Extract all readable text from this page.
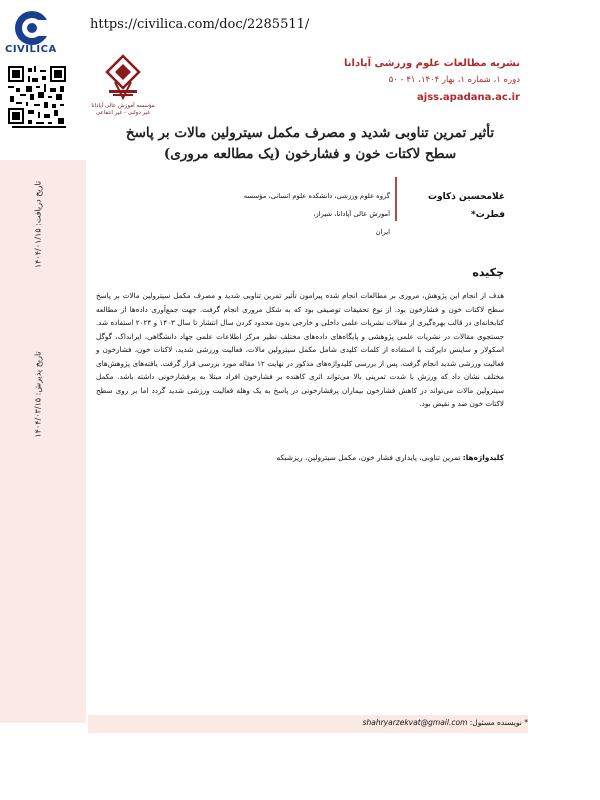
CIVILICA
https://civilica.com/doc/2285511/
نشریه مطالعات علوم ورزشی آپادانا
دوره ۱، شماره ۱، بهار ۱۴۰۴، ۴۱ - ۵۰
ajss.apadana.ac.ir
مؤسسه آموزش عالی آپادانا
غیر دولتی - غیر انتفاعی
تأثیر تمرین تناوبی شدید و مصرف مکمل سیترولین مالات بر پاسخ سطح لاکتات خون و فشارخون (یک مطالعه مروری)
تاریخ دریافت: ۱۴۰۴/۰۱/۱۵
تاریخ پذیرش: ۱۴۰۴/۰۳/۱۵
غلامحسین ذکاوت
فطرت*
گروه علوم ورزشی، دانشکده علوم انسانی، مؤسسه آموزش عالی آپادانا، شیراز،
ایران
چکیده
هدف از انجام این پژوهش، مروری بر مطالعات انجام شده پیرامون تأثیر تمرین تناوبی شدید و مصرف مکمل سیترولین مالات بر پاسخ سطح لاکتات خون و فشارخون بود. از نوع تحقیقات توصیفی بود که به شکل مروری انجام گرفت. جهت جمع‌آوری داده‌ها از مطالعه کتابخانه‌ای در قالب بهره‌گیری از مقالات نشریات علمی داخلی و خارجی بدون محدود کردن سال انتشار تا سال ۱۴۰۳ و ۲۰۲۴ استفاده شد. جستجوی مقالات در نشریات علمی پژوهشی و پایگاه‌های داده‌های مختلف نظیر مرکز اطلاعات علمی جهاد دانشگاهی، ایرانداک، گوگل اسکولار و ساینس دایرکت با استفاده از کلمات کلیدی شامل مکمل سیترولین مالات، فعالیت ورزشی شدید، لاکتات خون، فشارخون و فعالیت ورزشی شدید انجام گرفت. پس از بررسی کلیدواژه‌های مذکور در نهایت ۱۲ مقاله مورد بررسی قرار گرفت. یافته‌های پژوهش‌های مختلف نشان داد که ورزش با شدت تمرینی بالا می‌تواند اثری کاهنده بر فشارخون افراد مبتلا به پرفشارخونی داشته باشد. مکمل سیترولین مالات می‌تواند در کاهش فشارخون بیماران پرفشارخونی در پاسخ به یک وهله فعالیت ورزشی شدید گردد اما بر روی سطح لاکتات خون ضد و نقیض بود.
کلیدواژه‌ها: تمرین تناوبی، پایداری فشار خون، مکمل سیترولین، ریزشبکه
* نویسنده مسئول: shahryarzekvat@gmail.com
